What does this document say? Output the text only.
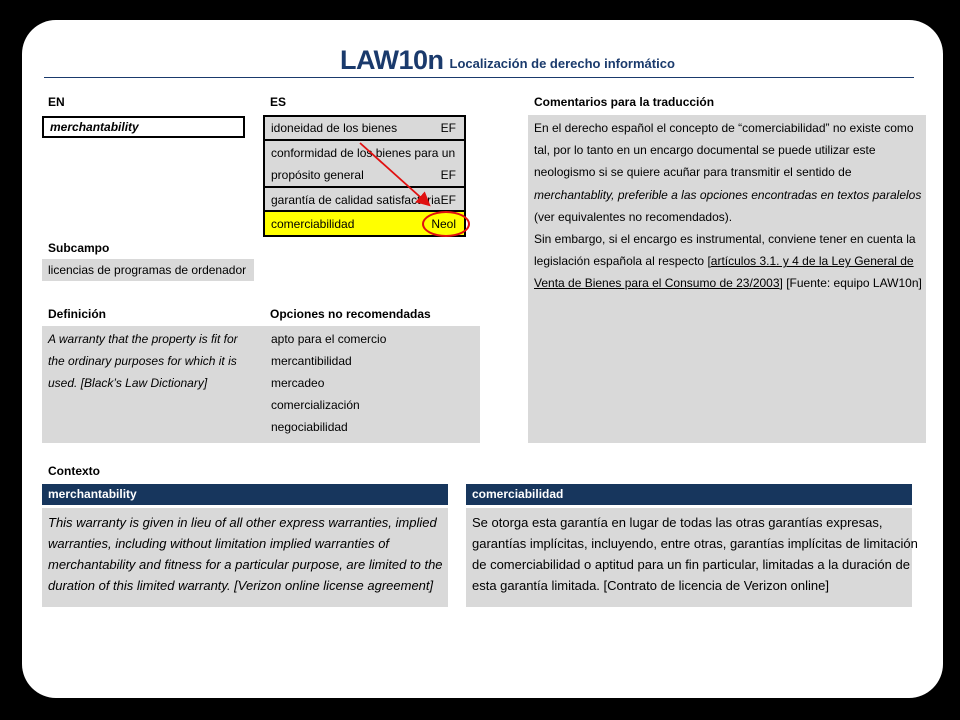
LAW10n Localización de derecho informático
EN
merchantability
ES
idoneidad de los bienes	EF
conformidad de los bienes para un
propósito general	EF
garantía de calidad satisfactoria EF
comerciabilidad	Neol
Subcampo
licencias de programas de ordenador
Definición
A warranty that the property is fit for
the ordinary purposes for which it is
used. [Black’s Law Dictionary]
Opciones no recomendadas
apto para el comercio
mercantibilidad
mercadeo
comercialización
negociabilidad
Comentarios para la traducción
En el derecho español el concepto de “comerciabilidad” no existe como
tal, por lo tanto en un encargo documental se puede utilizar este
neologismo si se quiere acuñar para transmitir el sentido de
merchantablity, preferible a las opciones encontradas en textos paralelos
(ver equivalentes no recomendados).
Sin embargo, si el encargo es instrumental, conviene tener en cuenta la
legislación española al respecto [artículos 3.1. y 4 de la Ley General de
Venta de Bienes para el Consumo de 23/2003] [Fuente: equipo LAW10n]
Contexto
merchantability
This warranty is given in lieu of all other express warranties, implied
warranties, including without limitation implied warranties of
merchantability and fitness for a particular purpose, are limited to the
duration of this limited warranty. [Verizon online license agreement]
comerciabilidad
Se otorga esta garantía en lugar de todas las otras garantías expresas,
garantías implícitas, incluyendo, entre otras, garantías implícitas de limitación
de comerciabilidad o aptitud para un fin particular, limitadas a la duración de
esta garantía limitada. [Contrato de licencia de Verizon online]
